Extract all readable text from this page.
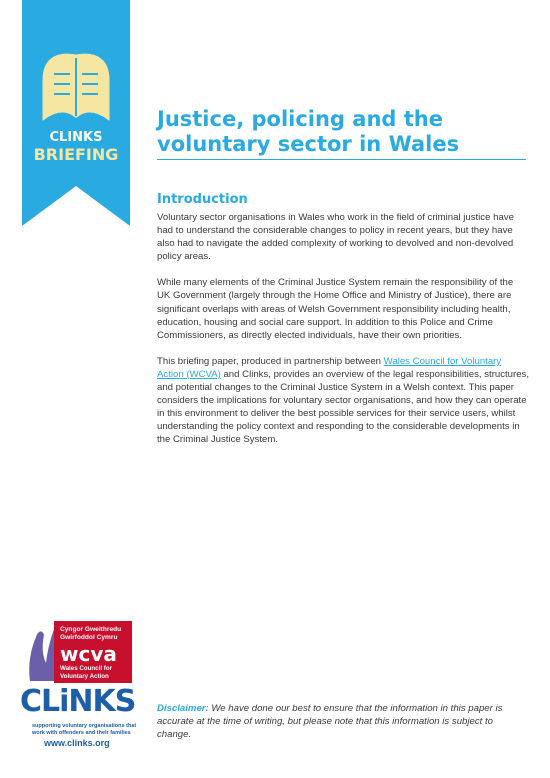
CLINKS
BRIEFING
Justice, policing and the
voluntary sector in Wales
Introduction

Voluntary sector organisations in Wales who work in the field of criminal justice have had to understand the considerable changes to policy in recent years, but they have also had to navigate the added complexity of working to devolved and non-devolved policy areas.

While many elements of the Criminal Justice System remain the responsibility of the UK Government (largely through the Home Office and Ministry of Justice), there are significant overlaps with areas of Welsh Government responsibility including health, education, housing and social care support. In addition to this Police and Crime Commissioners, as directly elected individuals, have their own priorities.

This briefing paper, produced in partnership between Wales Council for Voluntary Action (WCVA) and Clinks, provides an overview of the legal responsibilities, structures, and potential changes to the Criminal Justice System in a Welsh context. This paper considers the implications for voluntary sector organisations, and how they can operate in this environment to deliver the best possible services for their service users, whilst understanding the policy context and responding to the considerable developments in the Criminal Justice System.

Cyngor Gweithredu
Gwirfoddol Cymru
wcva
Wales Council for
Voluntary Action
CLiNKS
supporting voluntary organisations that work with offenders and their families
www.clinks.org
Disclaimer: We have done our best to ensure that the information in this paper is accurate at the time of writing, but please note that this information is subject to change.
